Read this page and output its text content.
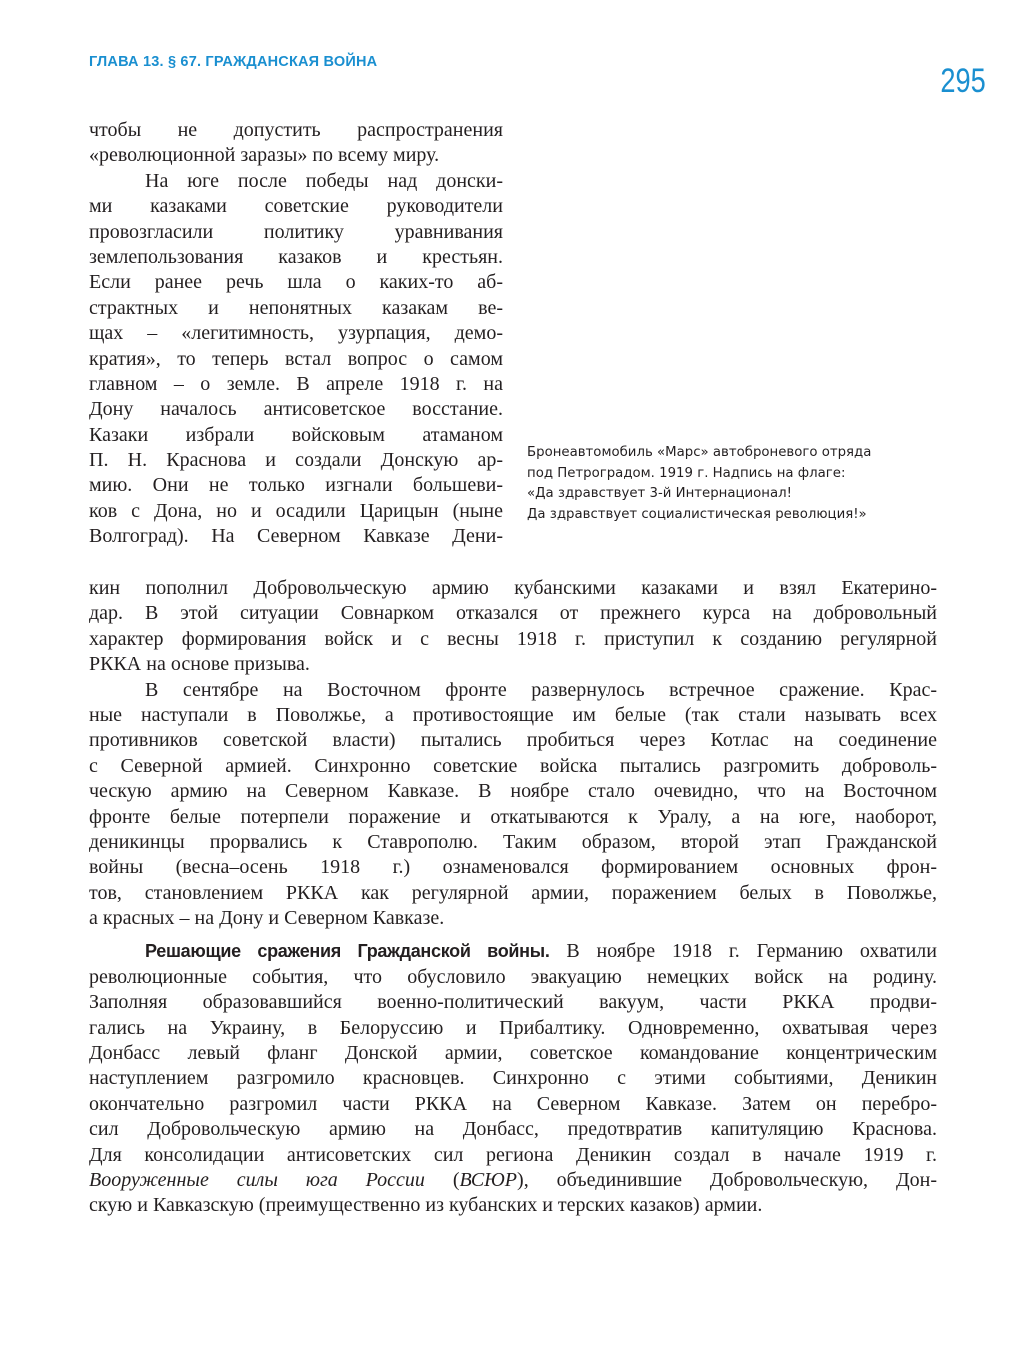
ГЛАВА 13. § 67. ГРАЖДАНСКАЯ ВОЙНА	295
Бронеавтомобиль «Марс» автоброневого отряда
под Петроградом. 1919 г. Надпись на флаге:
«Да здравствует 3-й Интернационал!
Да здравствует социалистическая революция!»
чтобы не допустить распространения
«революционной заразы» по всему миру.
На юге после победы над донски-
ми казаками советские руководители
провозгласили политику уравнивания
землепользования казаков и крестьян.
Если ранее речь шла о каких-то аб-
страктных и непонятных казакам ве-
щах – «легитимность, узурпация, демо-
кратия», то теперь встал вопрос о самом
главном – о земле. В апреле 1918 г. на
Дону началось антисоветское восстание.
Казаки избрали войсковым атаманом
П. Н. Краснова и создали Донскую ар-
мию. Они не только изгнали большеви-
ков с Дона, но и осадили Царицын (ныне
Волгоград). На Северном Кавказе Дени-
кин пополнил Добровольческую армию кубанскими казаками и взял Екатерино-
дар. В этой ситуации Совнарком отказался от прежнего курса на добровольный
характер формирования войск и с весны 1918 г. приступил к созданию регулярной
РККА на основе призыва.
В сентябре на Восточном фронте развернулось встречное сражение. Крас-
ные наступали в Поволжье, а противостоящие им белые (так стали называть всех
противников советской власти) пытались пробиться через Котлас на соединение
с Северной армией. Синхронно советские войска пытались разгромить доброволь-
ческую армию на Северном Кавказе. В ноябре стало очевидно, что на Восточном
фронте белые потерпели поражение и откатываются к Уралу, а на юге, наоборот,
деникинцы прорвались к Ставрополю. Таким образом, второй этап Гражданской
войны (весна–осень 1918 г.) ознаменовался формированием основных фрон-
тов, становлением РККА как регулярной армии, поражением белых в Поволжье,
а красных – на Дону и Северном Кавказе.
Решающие сражения Гражданской войны. В ноябре 1918 г. Германию охватили
революционные события, что обусловило эвакуацию немецких войск на родину.
Заполняя образовавшийся военно-политический вакуум, части РККА продви-
гались на Украину, в Белоруссию и Прибалтику. Одновременно, охватывая через
Донбасс левый фланг Донской армии, советское командование концентрическим
наступлением разгромило красновцев. Синхронно с этими событиями, Деникин
окончательно разгромил части РККА на Северном Кавказе. Затем он перебро-
сил Добровольческую армию на Донбасс, предотвратив капитуляцию Краснова.
Для консолидации антисоветских сил региона Деникин создал в начале 1919 г.
Вооруженные силы юга России (ВСЮР), объединившие Добровольческую, Дон-
скую и Кавказскую (преимущественно из кубанских и терских казаков) армии.
